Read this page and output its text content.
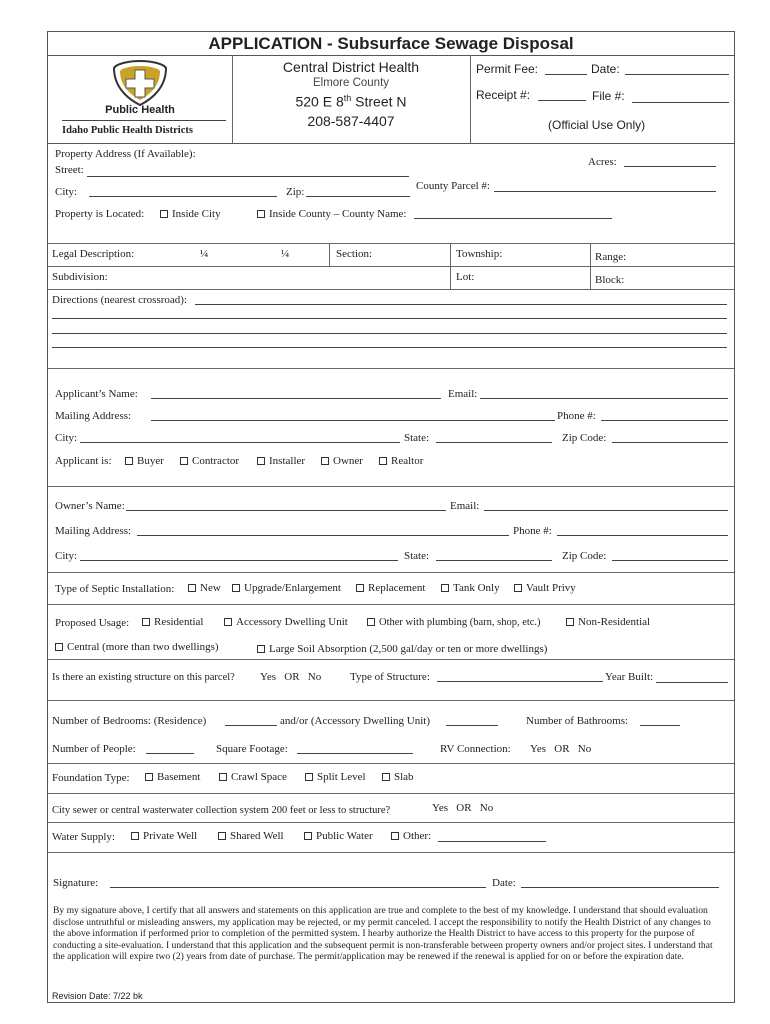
APPLICATION - Subsurface Sewage Disposal
Public Health
Idaho Public Health Districts
Central District Health
Elmore County
520 E 8th Street N
208-587-4407
Permit Fee:	Date:
Receipt #:	File #:
(Official Use Only)
Property Address (If Available):
Street:
Acres:
City:	Zip:	County Parcel #:
Property is Located:	Inside City	Inside County – County Name:
Legal Description:	¼	¼	Section:	Township:	Range:
Subdivision:	Lot:	Block:
Directions (nearest crossroad):
Applicant’s Name:	Email:
Mailing Address:	Phone #:
City:	State:	Zip Code:
Applicant is:	Buyer	Contractor	Installer	Owner	Realtor
Owner’s Name:	Email:
Mailing Address:	Phone #:
City:	State:	Zip Code:
Type of Septic Installation:	New	Upgrade/Enlargement	Replacement	Tank Only	Vault Privy
Proposed Usage:	Residential	Accessory Dwelling Unit	Other with plumbing (barn, shop, etc.)	Non-Residential
Central (more than two dwellings)	Large Soil Absorption (2,500 gal/day or ten or more dwellings)
Is there an existing structure on this parcel? Yes   OR   No	Type of Structure:	Year Built:
Number of Bedrooms: (Residence)	and/or (Accessory Dwelling Unit)	Number of Bathrooms:
Number of People:	Square Footage:	RV Connection: Yes   OR   No
Foundation Type:	Basement	Crawl Space	Split Level	Slab
City sewer or central wasterwater collection system 200 feet or less to structure?	Yes   OR   No
Water Supply:	Private Well	Shared Well	Public Water	Other:
Signature:	Date:
By my signature above, I certify that all answers and statements on this application are true and complete to the best of my knowledge. I understand that should evaluation disclose untruthful or misleading answers, my application may be rejected, or my permit canceled. I accept the responsibility to notify the Health District of any changes to the above information if performed prior to completion of the permitted system. I hearby authorize the Health District to have access to this property for the purpose of conducting a site-evaluation. I understand that this application and the subsequent permit is non-transferable between property owners and/or project sites. I understand that the application will expire two (2) years from date of purchase. The permit/application may be renewed if the renewal is applied for on or before the expiration date.
Revision Date: 7/22 bk
